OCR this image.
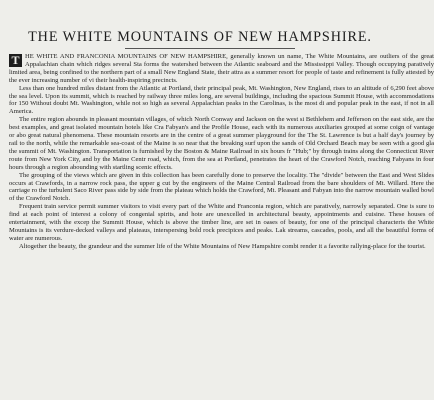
THE WHITE MOUNTAINS OF NEW HAMPSHIRE.

T HE WHITE AND FRANCONIA MOUNTAINS OF NEW HAMPSHIRE, generally known un name, The White Mountains, are outliers of the great Appalachian chain which ridges several Sta forms the watershed between the Atlantic seaboard and the Mississippi Valley. Though occupying paratively limited area, being confined to the northern part of a small New England State, their attra as a summer resort for people of taste and refinement is fully attested by the ever increasing number of vi their health-inspiring precincts.

Less than one hundred miles distant from the Atlantic at Portland, their principal peak, Mt. Washington, New England, rises to an altitude of 6,290 feet above the sea level. Upon its summit, which is reached by railway three miles long, are several buildings, including the spacious Summit House, with accommodations for 150 Without doubt Mt. Washington, while not so high as several Appalachian peaks in the Carolinas, is the most di and popular peak in the east, if not in all America.

The entire region abounds in pleasant mountain villages, of which North Conway and Jackson on the west si Bethlehem and Jefferson on the east side, are the best examples, and great isolated mountain hotels like Cra Fabyan's and the Profile House, each with its numerous auxiliaries grouped at some coign of vantage or abo great natural phenomena. These mountain resorts are in the centre of a great summer playground for the The St. Lawrence is but a half day's journey by rail to the north, while the remarkable sea-coast of the Maine is so near that the breaking surf upon the sands of Old Orchard Beach may be seen with a good gla the summit of Mt. Washington. Transportation is furnished by the Boston & Maine Railroad in six hours fr "Hub;" by through trains along the Connecticut River route from New York City, and by the Maine Centr road, which, from the sea at Portland, penetrates the heart of the Crawford Notch, reaching Fabyans in four hours through a region abounding with startling scenic effects.

The grouping of the views which are given in this collection has been carefully done to preserve the locality. The "divide" between the East and West Slides occurs at Crawfords, in a narrow rock pass, the upper g cut by the engineers of the Maine Central Railroad from the bare shoulders of Mt. Willard. Here the carriage ro the turbulent Saco River pass side by side from the plateau which holds the Crawford, Mt. Pleasant and Fabyan into the narrow mountain walled bowl of the Crawford Notch.

Frequent train service permit summer visitors to visit every part of the White and Franconia region, which are paratively, narrowly separated. One is sure to find at each point of interest a colony of congenial spirits, and hote are unexcelled in architectural beauty, appointments and cuisine. These houses of entertainment, with the excep the Summit House, which is above the timber line, are set in oases of beauty, for one of the principal characteris the White Mountains is its verdure-decked valleys and plateaus, interspersing bold rock precipices and peaks. Lak streams, cascades, pools, and all the beautiful forms of water are numerous.

Altogether the beauty, the grandeur and the summer life of the White Mountains of New Hampshire combi render it a favorite rallying-place for the tourist.
